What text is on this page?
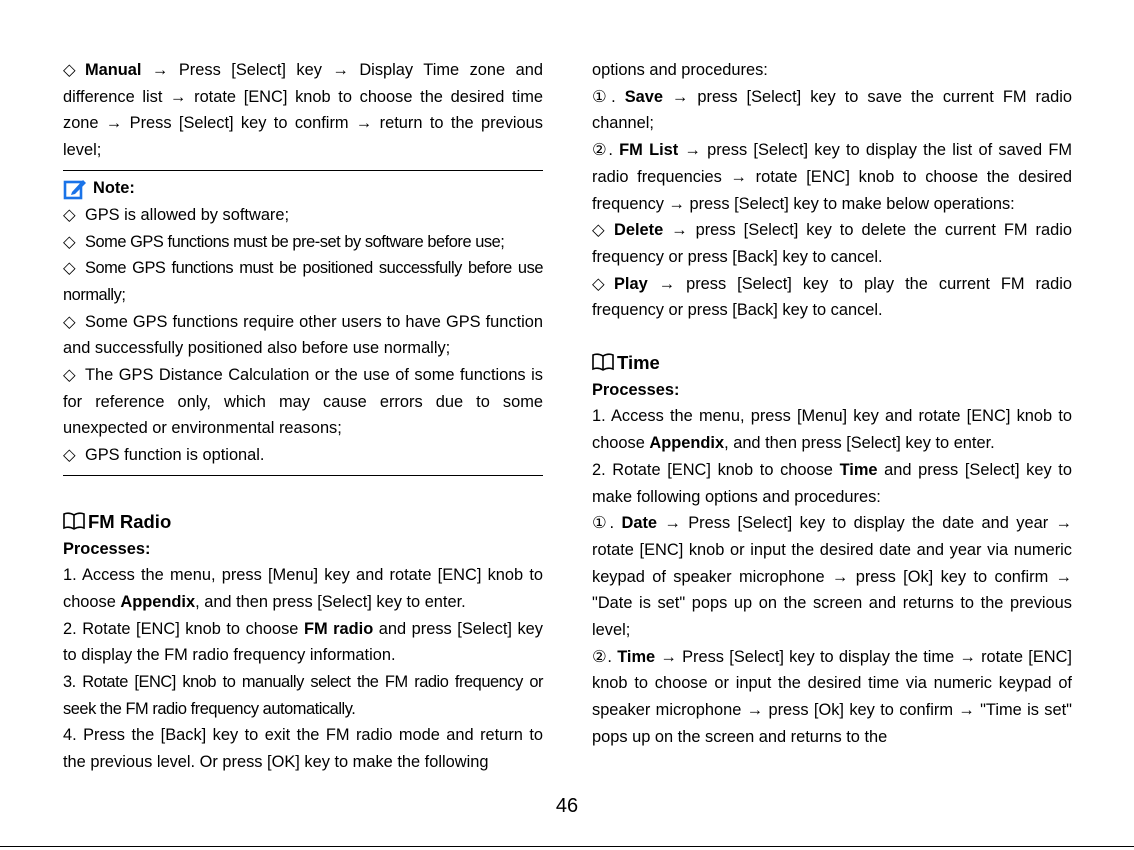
◇ Manual → Press [Select] key → Display Time zone and difference list → rotate [ENC] knob to choose the desired time zone → Press [Select] key to confirm → return to the previous level;

Note:

◇ GPS is allowed by software;

◇ Some GPS functions must be pre-set by software before use;

◇ Some GPS functions must be positioned successfully before use normally;

◇ Some GPS functions require other users to have GPS function and successfully positioned also before use normally;

◇ The GPS Distance Calculation or the use of some functions is for reference only, which may cause errors due to some unexpected or environmental reasons;

◇ GPS function is optional.

FM Radio

Processes:

1. Access the menu, press [Menu] key and rotate [ENC] knob to choose Appendix, and then press [Select] key to enter.

2. Rotate [ENC] knob to choose FM radio and press [Select] key to display the FM radio frequency information.

3. Rotate [ENC] knob to manually select the FM radio frequency or seek the FM radio frequency automatically.

4. Press the [Back] key to exit the FM radio mode and return to the previous level. Or press [OK] key to make the following

options and procedures:

①. Save → press [Select] key to save the current FM radio channel;

②. FM List → press [Select] key to display the list of saved FM radio frequencies → rotate [ENC] knob to choose the desired frequency → press [Select] key to make below operations:

◇ Delete → press [Select] key to delete the current FM radio frequency or press [Back] key to cancel.

◇ Play → press [Select] key to play the current FM radio frequency or press [Back] key to cancel.

Time

Processes:

1. Access the menu, press [Menu] key and rotate [ENC] knob to choose Appendix, and then press [Select] key to enter.

2. Rotate [ENC] knob to choose Time and press [Select] key to make following options and procedures:

①. Date → Press [Select] key to display the date and year → rotate [ENC] knob or input the desired date and year via numeric keypad of speaker microphone → press [Ok] key to confirm → "Date is set" pops up on the screen and returns to the previous level;

②. Time → Press [Select] key to display the time → rotate [ENC] knob to choose or input the desired time via numeric keypad of speaker microphone → press [Ok] key to confirm → "Time is set" pops up on the screen and returns to the

46
